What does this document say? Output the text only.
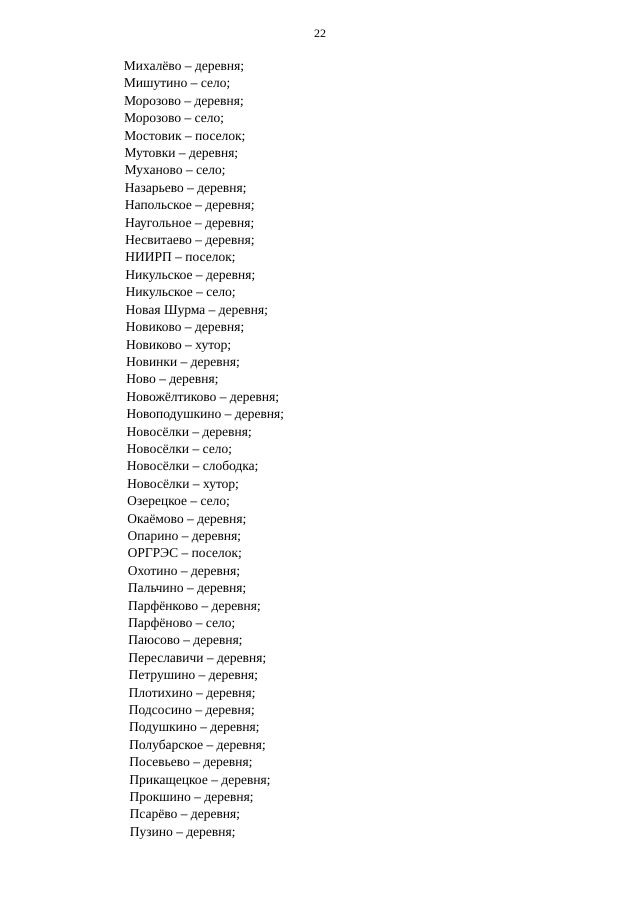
22
Михалёво – деревня;
Мишутино – село;
Морозово – деревня;
Морозово – село;
Мостовик – поселок;
Мутовки – деревня;
Муханово – село;
Назарьево – деревня;
Напольское – деревня;
Наугольное – деревня;
Несвитаево – деревня;
НИИРП – поселок;
Никульское – деревня;
Никульское – село;
Новая Шурма – деревня;
Новиково – деревня;
Новиково – хутор;
Новинки – деревня;
Ново – деревня;
Новожёлтиково – деревня;
Новоподушкино – деревня;
Новосёлки – деревня;
Новосёлки – село;
Новосёлки – слободка;
Новосёлки – хутор;
Озерецкое – село;
Окаёмово – деревня;
Опарино – деревня;
ОРГРЭС – поселок;
Охотино – деревня;
Пальчино – деревня;
Парфёнково – деревня;
Парфёново – село;
Паюсово – деревня;
Переславичи – деревня;
Петрушино – деревня;
Плотихино – деревня;
Подсосино – деревня;
Подушкино – деревня;
Полубарское – деревня;
Посевьево – деревня;
Прикащецкое – деревня;
Прокшино – деревня;
Псарёво – деревня;
Пузино – деревня;
